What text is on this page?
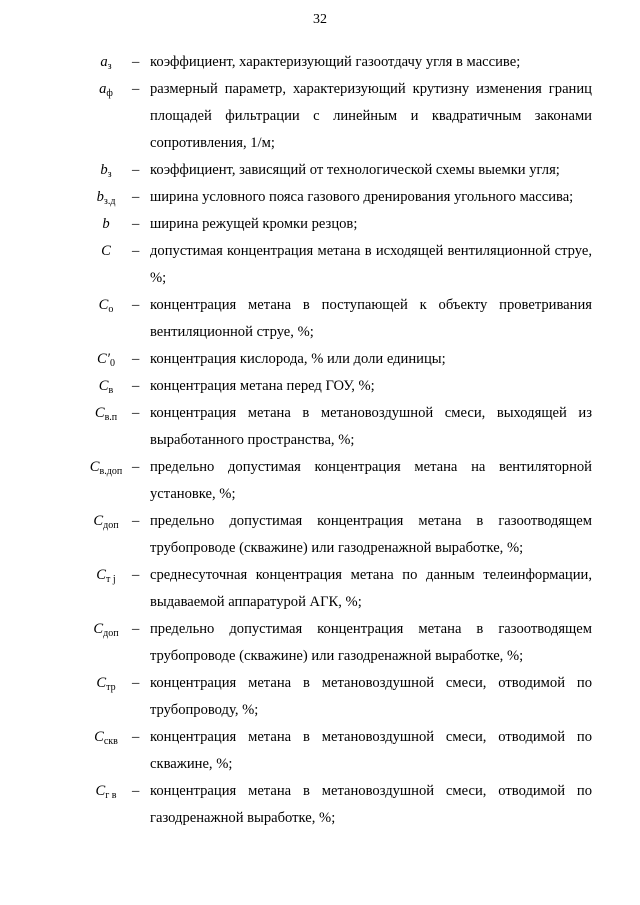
32
$a_з$	– коэффициент, характеризующий газоотдачу угля в массиве;
$a_ф$	– размерный параметр, характеризующий крутизну изменения границ площадей фильтрации с линейным и квадратичным законами сопротивления, 1/м;
$b_з$	– коэффициент, зависящий от технологической схемы выемки угля;
$b_{з.д}$	– ширина условного пояса газового дренирования угольного массива;
b	– ширина режущей кромки резцов;
C	– допустимая концентрация метана в исходящей вентиляционной струе, %;
$C_о$	– концентрация метана в поступающей к объекту проветривания вентиляционной струе, %;
$C'_0$	– концентрация кислорода, % или доли единицы;
$C_в$	– концентрация метана перед ГОУ, %;
$C_{в.п}$	– концентрация метана в метановоздушной смеси, выходящей из выработанного пространства, %;
$C_{в.доп}$ – предельно допустимая концентрация метана на вентиляторной установке, %;
$C_{доп}$ – предельно допустимая концентрация метана в газоотводящем трубопроводе (скважине) или газодренажной выработке, %;
$C_{т j}$	– среднесуточная концентрация метана по данным телеинформации, выдаваемой аппаратурой АГК, %;
$C_{доп}$ – предельно допустимая концентрация метана в газоотводящем трубопроводе (скважине) или газодренажной выработке, %;
$C_{тр}$	– концентрация метана в метановоздушной смеси, отводимой по трубопроводу, %;
$C_{скв}$ – концентрация метана в метановоздушной смеси, отводимой по скважине, %;
$C_{г в}$	– концентрация метана в метановоздушной смеси, отводимой по газодренажной выработке, %;
